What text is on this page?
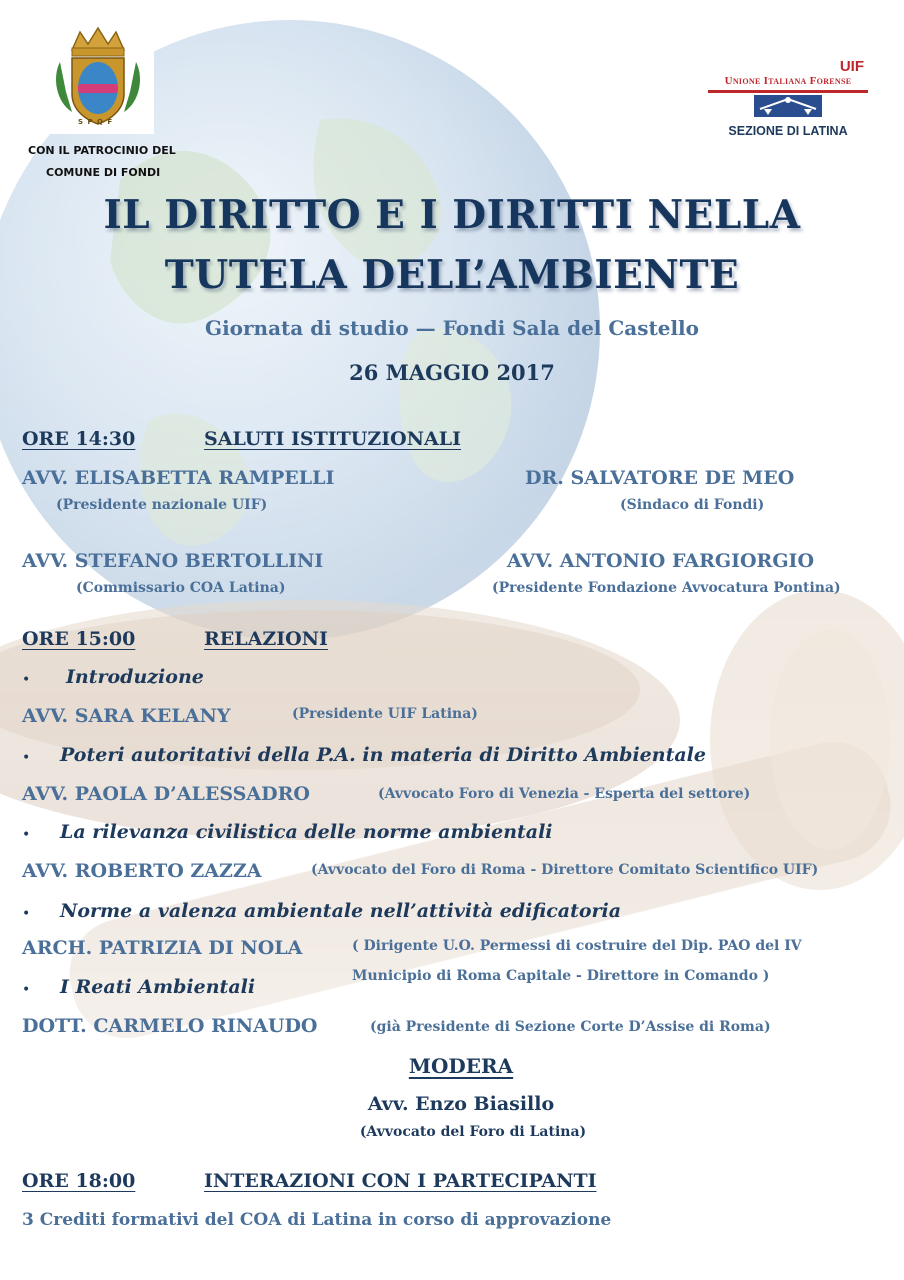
S P Q F
CON IL PATROCINIO DEL
COMUNE DI FONDI
UIF
Unione Italiana Forense
SEZIONE DI LATINA
IL DIRITTO E I DIRITTI NELLA
TUTELA DELL’AMBIENTE
Giornata di studio — Fondi Sala del Castello
26 MAGGIO 2017
ORE 14:30	SALUTI ISTITUZIONALI
AVV. ELISABETTA RAMPELLI
(Presidente nazionale UIF)
DR. SALVATORE DE MEO
(Sindaco di Fondi)
AVV. STEFANO BERTOLLINI
(Commissario COA Latina)
AVV. ANTONIO FARGIORGIO
(Presidente Fondazione Avvocatura Pontina)
ORE 15:00	RELAZIONI
• Introduzione
AVV. SARA KELANY	(Presidente UIF Latina)
• Poteri autoritativi della P.A. in materia di Diritto Ambientale
AVV. PAOLA D’ALESSADRO	(Avvocato Foro di Venezia - Esperta del settore)
• La rilevanza civilistica delle norme ambientali
AVV. ROBERTO ZAZZA	(Avvocato del Foro di Roma - Direttore Comitato Scientifico UIF)
• Norme a valenza ambientale nell’attività edificatoria
ARCH. PATRIZIA DI NOLA	( Dirigente U.O. Permessi di costruire del Dip. PAO del IV
Municipio di Roma Capitale - Direttore in Comando )
• I Reati Ambientali
DOTT. CARMELO RINAUDO	(già Presidente di Sezione Corte D’Assise di Roma)
MODERA
Avv. Enzo Biasillo
(Avvocato del Foro di Latina)
ORE 18:00	INTERAZIONI CON I PARTECIPANTI
3 Crediti formativi del COA di Latina in corso di approvazione
